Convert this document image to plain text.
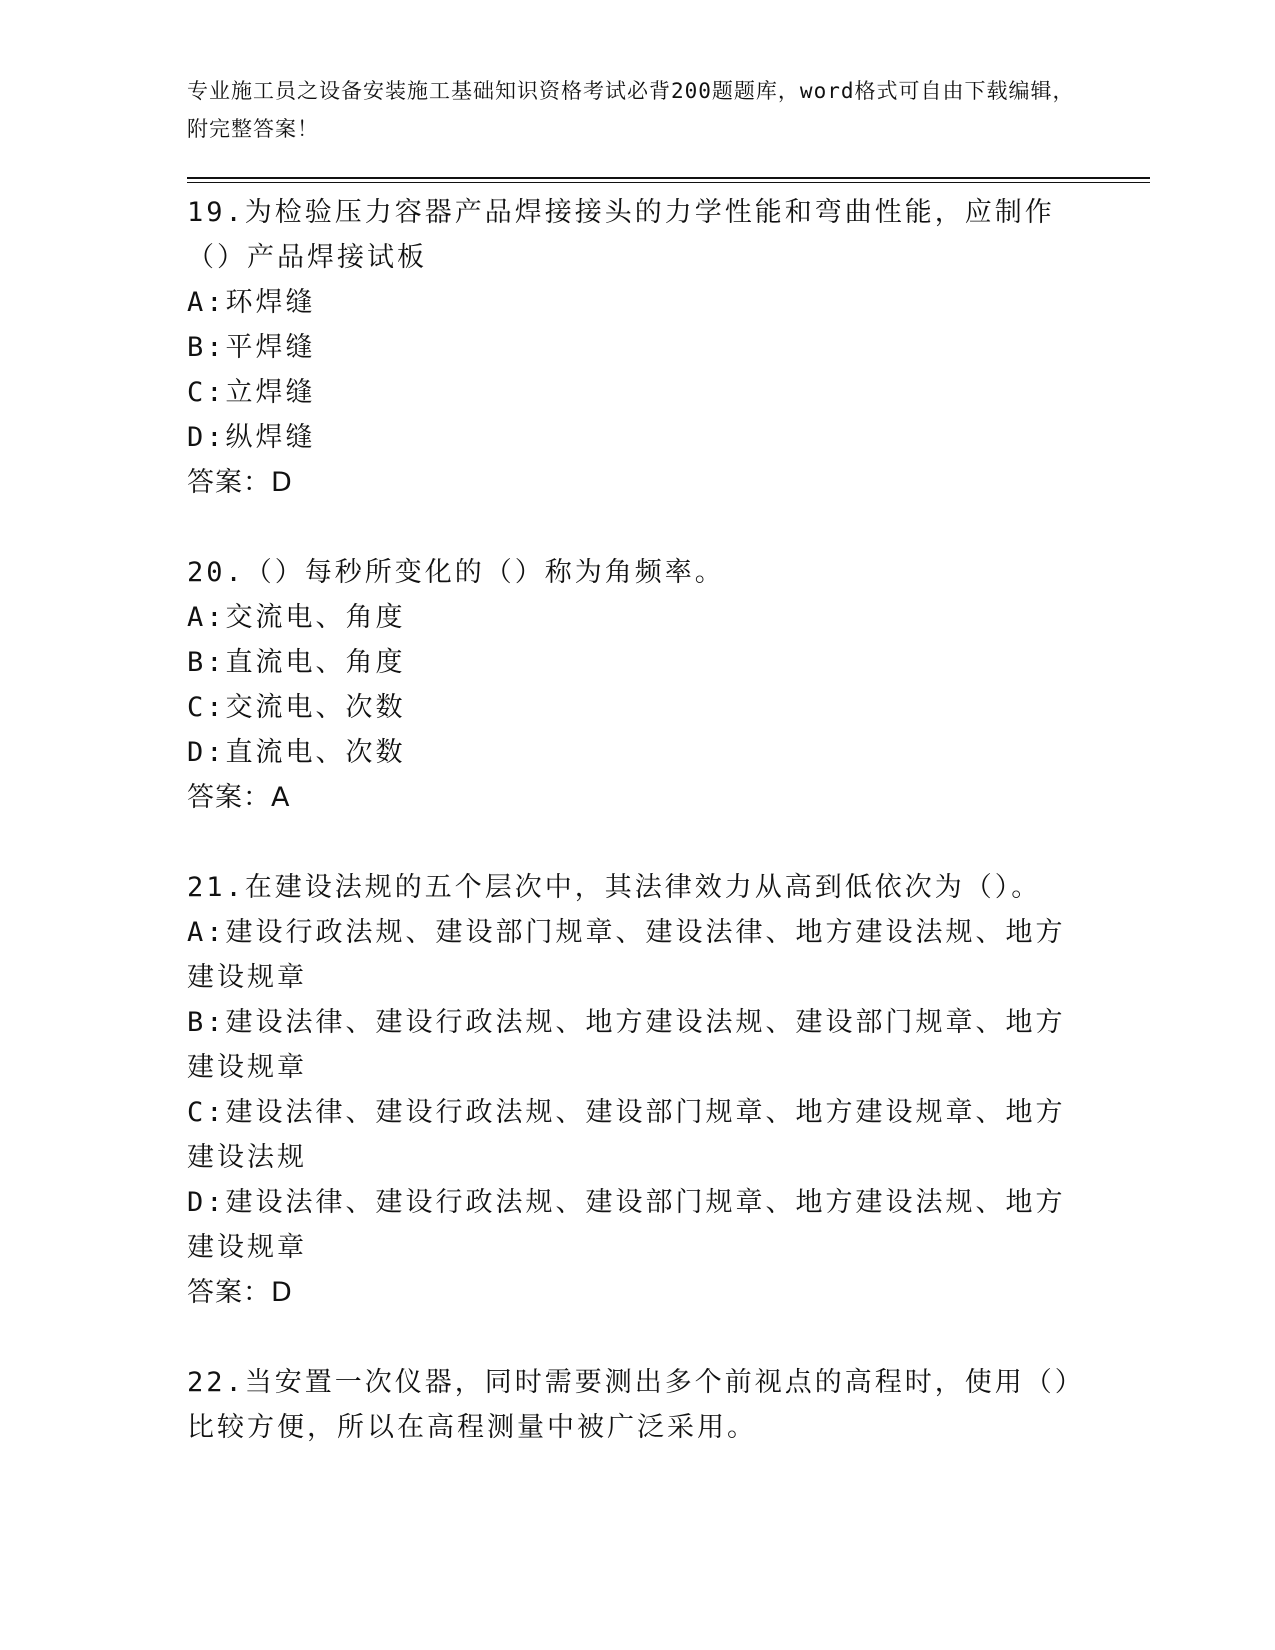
专业施工员之设备安装施工基础知识资格考试必背200题题库，word格式可自由下载编辑，附完整答案！
19.为检验压力容器产品焊接接头的力学性能和弯曲性能，应制作（）产品焊接试板
A:环焊缝
B:平焊缝
C:立焊缝
D:纵焊缝
答案：D
20.（）每秒所变化的（）称为角频率。
A:交流电、角度
B:直流电、角度
C:交流电、次数
D:直流电、次数
答案：A
21.在建设法规的五个层次中，其法律效力从高到低依次为（）。
A:建设行政法规、建设部门规章、建设法律、地方建设法规、地方建设规章
B:建设法律、建设行政法规、地方建设法规、建设部门规章、地方建设规章
C:建设法律、建设行政法规、建设部门规章、地方建设规章、地方建设法规
D:建设法律、建设行政法规、建设部门规章、地方建设法规、地方建设规章
答案：D
22.当安置一次仪器，同时需要测出多个前视点的高程时，使用（）比较方便，所以在高程测量中被广泛采用。
